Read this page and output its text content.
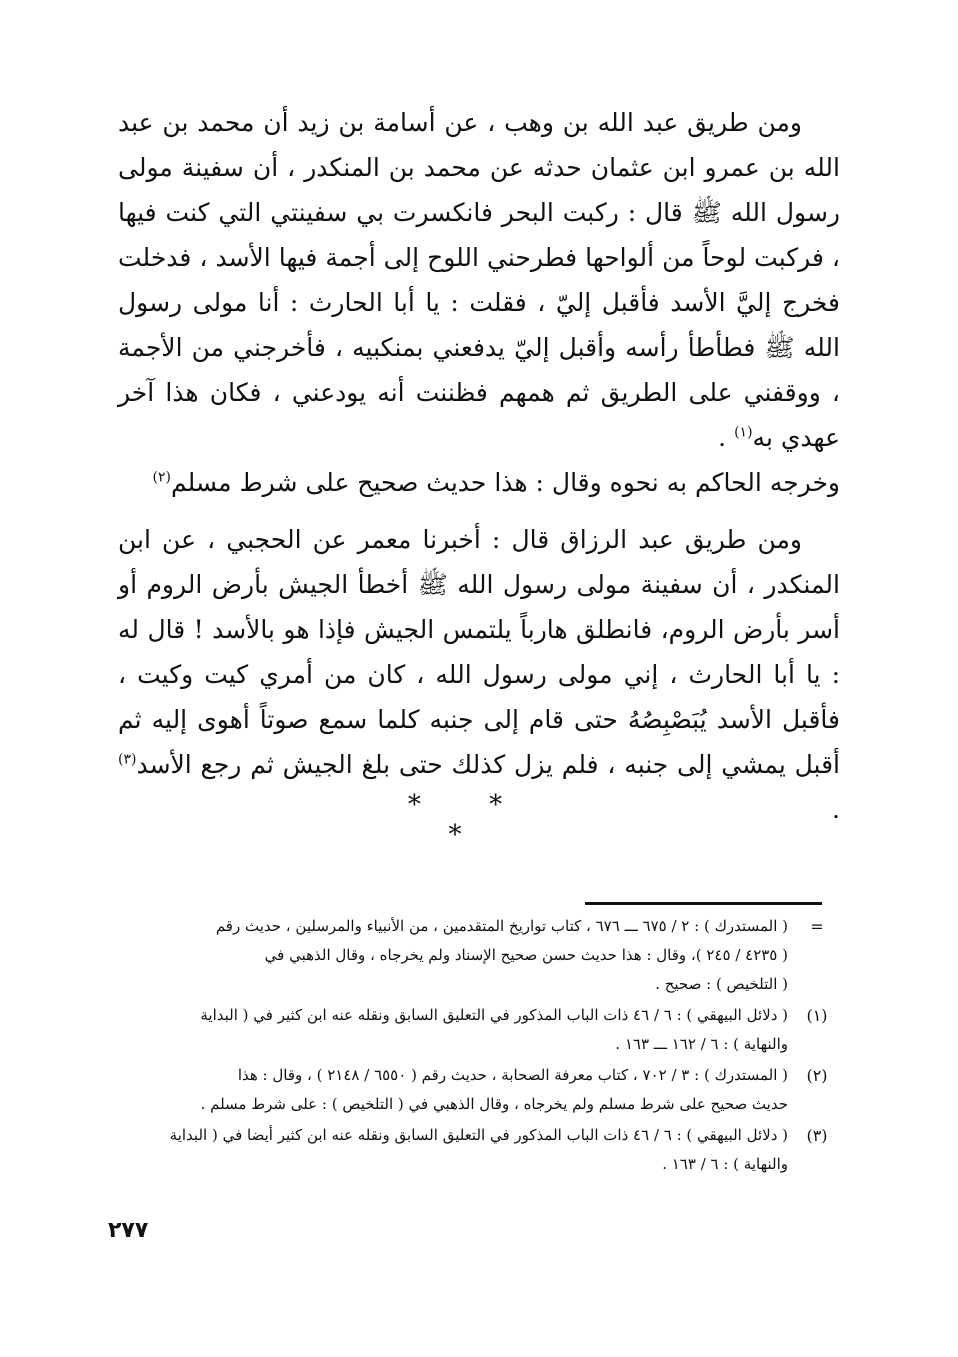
ومن طريق عبد الله بن وهب ، عن أسامة بن زيد أن محمد بن عبد الله بن عمرو ابن عثمان حدثه عن محمد بن المنكدر ، أن سفينة مولى رسول الله ﷺ قال : ركبت البحر فانكسرت بي سفينتي التي كنت فيها ، فركبت لوحاً من ألواحها فطرحني اللوح إلى أجمة فيها الأسد ، فدخلت فخرج إليَّ الأسد فأقبل إليّ ، فقلت : يا أبا الحارث : أنا مولى رسول الله ﷺ فطأطأ رأسه وأقبل إليّ يدفعني بمنكبيه ، فأخرجني من الأجمة ، ووقفني على الطريق ثم همهم فظننت أنه يودعني ، فكان هذا آخر عهدي به$^{(١)}$ .

وخرجه الحاكم به نحوه وقال : هذا حديث صحيح على شرط مسلم$^{(٢)}$

ومن طريق عبد الرزاق قال : أخبرنا معمر عن الحجبي ، عن ابن المنكدر ، أن سفينة مولى رسول الله ﷺ أخطأ الجيش بأرض الروم أو أسر بأرض الروم، فانطلق هارباً يلتمس الجيش فإذا هو بالأسد ! قال له : يا أبا الحارث ، إني مولى رسول الله ، كان من أمري كيت وكيت ، فأقبل الأسد يُبَصْبِصُهُ حتى قام إلى جنبه كلما سمع صوتاً أهوى إليه ثم أقبل يمشي إلى جنبه ، فلم يزل كذلك حتى بلغ الجيش ثم رجع الأسد$^{(٣)}$ .

* * *
=
( المستدرك ) : ٢ / ٦٧٥ ـــ ٦٧٦ ، كتاب تواريخ المتقدمين ، من الأنبياء والمرسلين ، حديث رقم
( ٤٢٣٥ / ٢٤٥ )، وقال : هذا حديث حسن صحيح الإسناد ولم يخرجاه ، وقال الذهبي في
( التلخيص ) : صحيح .
(١)
( دلائل البيهقي ) : ٦ / ٤٦ ذات الباب المذكور في التعليق السابق ونقله عنه ابن كثير في ( البداية
والنهاية ) : ٦ / ١٦٢ ـــ ١٦٣ .
(٢)
( المستدرك ) : ٣ / ٧٠٢ ، كتاب معرفة الصحابة ، حديث رقم ( ٦٥٥٠ / ٢١٤٨ ) ، وقال : هذا
حديث صحيح على شرط مسلم ولم يخرجاه ، وقال الذهبي في ( التلخيص ) : على شرط مسلم .
(٣)
( دلائل البيهقي ) : ٦ / ٤٦ ذات الباب المذكور في التعليق السابق ونقله عنه ابن كثير أيضا في ( البداية
والنهاية ) : ٦ / ١٦٣ .
٢٧٧
